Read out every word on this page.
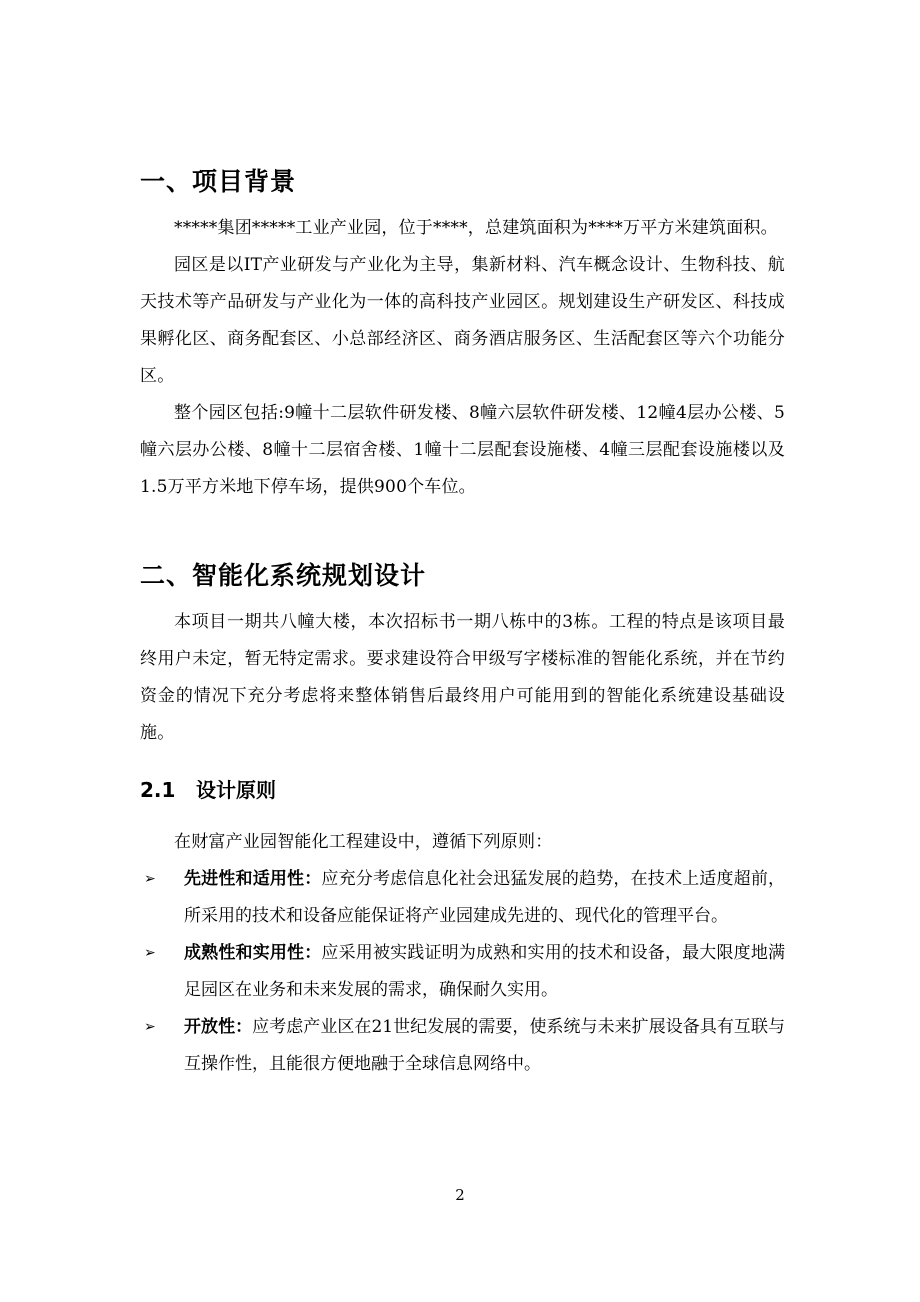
一、项目背景

*****集团*****工业产业园，位于****，总建筑面积为****万平方米建筑面积。

园区是以IT产业研发与产业化为主导，集新材料、汽车概念设计、生物科技、航天技术等产品研发与产业化为一体的高科技产业园区。规划建设生产研发区、科技成果孵化区、商务配套区、小总部经济区、商务酒店服务区、生活配套区等六个功能分区。

整个园区包括:9幢十二层软件研发楼、8幢六层软件研发楼、12幢4层办公楼、5幢六层办公楼、8幢十二层宿舍楼、1幢十二层配套设施楼、4幢三层配套设施楼以及1.5万平方米地下停车场，提供900个车位。

二、智能化系统规划设计

本项目一期共八幢大楼，本次招标书一期八栋中的3栋。工程的特点是该项目最终用户未定，暂无特定需求。要求建设符合甲级写字楼标准的智能化系统，并在节约资金的情况下充分考虑将来整体销售后最终用户可能用到的智能化系统建设基础设施。

2.1	设计原则

在财富产业园智能化工程建设中，遵循下列原则：

➢ 先进性和适用性：应充分考虑信息化社会迅猛发展的趋势，在技术上适度超前，所采用的技术和设备应能保证将产业园建成先进的、现代化的管理平台。
➢ 成熟性和实用性：应采用被实践证明为成熟和实用的技术和设备，最大限度地满足园区在业务和未来发展的需求，确保耐久实用。
➢ 开放性：应考虑产业区在21世纪发展的需要，使系统与未来扩展设备具有互联与互操作性，且能很方便地融于全球信息网络中。
2
